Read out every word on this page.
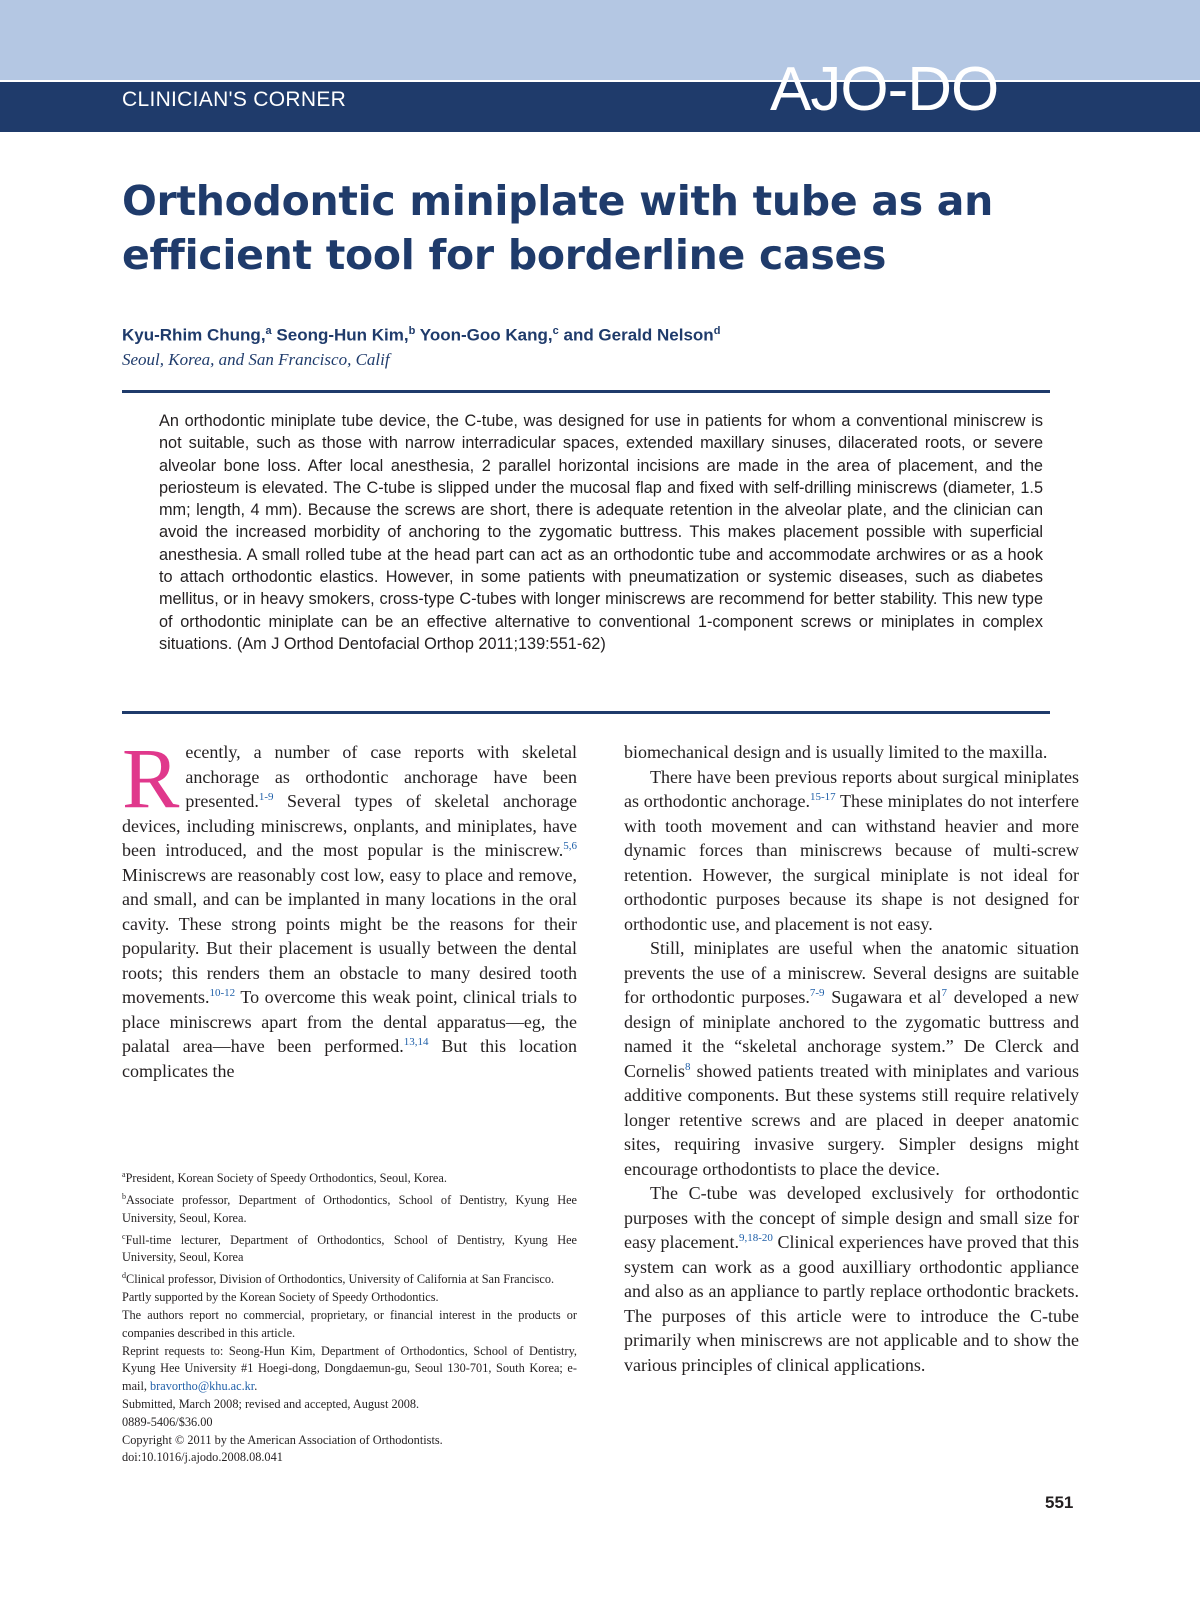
CLINICIAN'S CORNER	AJO-DO
Orthodontic miniplate with tube as an efficient tool for borderline cases
Kyu-Rhim Chung,$^a$ Seong-Hun Kim,$^b$ Yoon-Goo Kang,$^c$ and Gerald Nelson$^d$
Seoul, Korea, and San Francisco, Calif

An orthodontic miniplate tube device, the C-tube, was designed for use in patients for whom a conventional miniscrew is not suitable, such as those with narrow interradicular spaces, extended maxillary sinuses, dilacerated roots, or severe alveolar bone loss. After local anesthesia, 2 parallel horizontal incisions are made in the area of placement, and the periosteum is elevated. The C-tube is slipped under the mucosal flap and fixed with self-drilling miniscrews (diameter, 1.5 mm; length, 4 mm). Because the screws are short, there is adequate retention in the alveolar plate, and the clinician can avoid the increased morbidity of anchoring to the zygomatic buttress. This makes placement possible with superficial anesthesia. A small rolled tube at the head part can act as an orthodontic tube and accommodate archwires or as a hook to attach orthodontic elastics. However, in some patients with pneumatization or systemic diseases, such as diabetes mellitus, or in heavy smokers, cross-type C-tubes with longer miniscrews are recommend for better stability. This new type of orthodontic miniplate can be an effective alternative to conventional 1-component screws or miniplates in complex situations. (Am J Orthod Dentofacial Orthop 2011;139:551-62)

Recently, a number of case reports with skeletal anchorage as orthodontic anchorage have been presented.$^{1-9}$ Several types of skeletal anchorage devices, including miniscrews, onplants, and miniplates, have been introduced, and the most popular is the miniscrew.$^{5,6}$ Miniscrews are reasonably cost low, easy to place and remove, and small, and can be implanted in many locations in the oral cavity. These strong points might be the reasons for their popularity. But their placement is usually between the dental roots; this renders them an obstacle to many desired tooth movements.$^{10-12}$ To overcome this weak point, clinical trials to place miniscrews apart from the dental apparatus—eg, the palatal area—have been performed.$^{13,14}$ But this location complicates the

$^a$President, Korean Society of Speedy Orthodontics, Seoul, Korea.

$^b$Associate professor, Department of Orthodontics, School of Dentistry, Kyung Hee University, Seoul, Korea.

$^c$Full-time lecturer, Department of Orthodontics, School of Dentistry, Kyung Hee University, Seoul, Korea

$^d$Clinical professor, Division of Orthodontics, University of California at San Francisco.

Partly supported by the Korean Society of Speedy Orthodontics.

The authors report no commercial, proprietary, or financial interest in the products or companies described in this article.

Reprint requests to: Seong-Hun Kim, Department of Orthodontics, School of Dentistry, Kyung Hee University #1 Hoegi-dong, Dongdaemun-gu, Seoul 130-701, South Korea; e-mail, bravortho@khu.ac.kr.

Submitted, March 2008; revised and accepted, August 2008.

0889-5406/$36.00

Copyright © 2011 by the American Association of Orthodontists.

doi:10.1016/j.ajodo.2008.08.041

biomechanical design and is usually limited to the maxilla.

There have been previous reports about surgical miniplates as orthodontic anchorage.$^{15-17}$ These miniplates do not interfere with tooth movement and can withstand heavier and more dynamic forces than miniscrews because of multi-screw retention. However, the surgical miniplate is not ideal for orthodontic purposes because its shape is not designed for orthodontic use, and placement is not easy.

Still, miniplates are useful when the anatomic situation prevents the use of a miniscrew. Several designs are suitable for orthodontic purposes.$^{7-9}$ Sugawara et $al^7$ developed a new design of miniplate anchored to the zygomatic buttress and named it the “skeletal anchorage system.” De Clerck and Cornelis$^8$ showed patients treated with miniplates and various additive components. But these systems still require relatively longer retentive screws and are placed in deeper anatomic sites, requiring invasive surgery. Simpler designs might encourage orthodontists to place the device.

The C-tube was developed exclusively for orthodontic purposes with the concept of simple design and small size for easy placement.$^{9,18-20}$ Clinical experiences have proved that this system can work as a good auxilliary orthodontic appliance and also as an appliance to partly replace orthodontic brackets. The purposes of this article were to introduce the C-tube primarily when miniscrews are not applicable and to show the various principles of clinical applications.

551
